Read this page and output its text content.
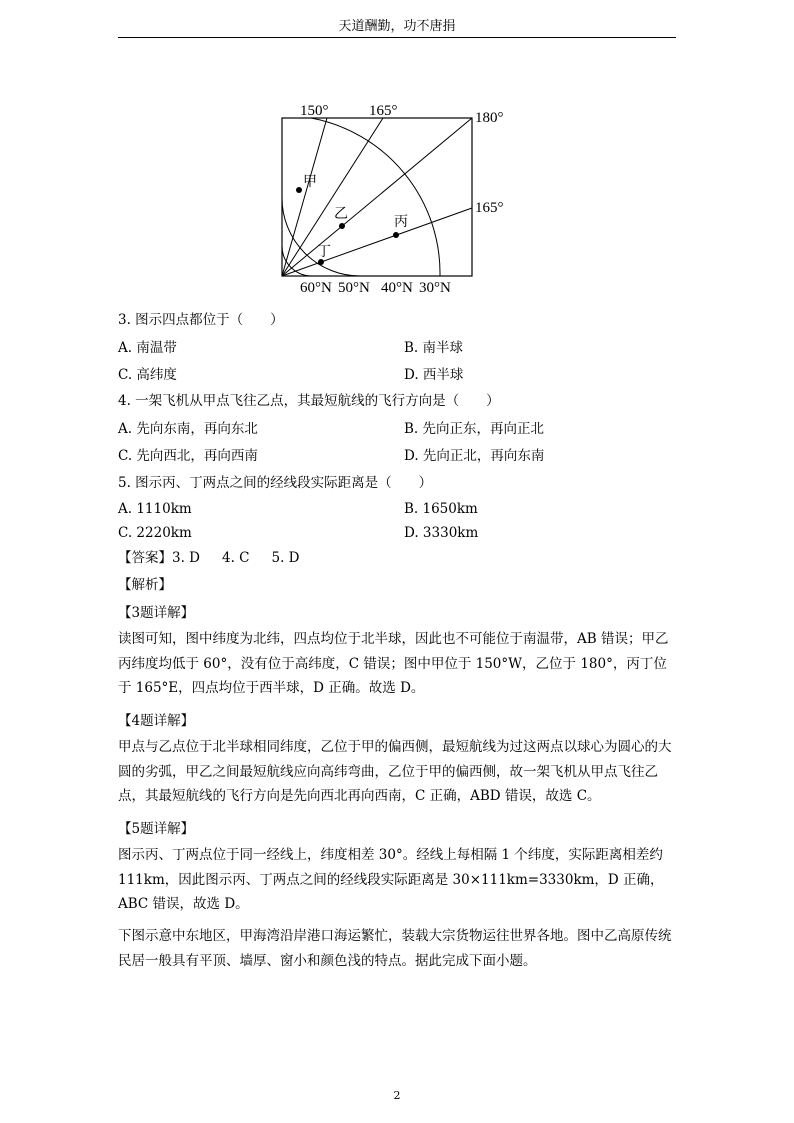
天道酬勤，功不唐捐
150°	165°	180°
165°
60°N 50°N 40°N 30°N
甲
乙	丙
丁
3. 图示四点都位于（　　）
A. 南温带	B. 南半球
C. 高纬度	D. 西半球
4. 一架飞机从甲点飞往乙点，其最短航线的飞行方向是（　　）
A. 先向东南，再向东北	B. 先向正东，再向正北
C. 先向西北，再向西南	D. 先向正北，再向东南
5. 图示丙、丁两点之间的经线段实际距离是（　　）
A. 1110km	B. 1650km
C. 2220km	D. 3330km
【答案】3. D 4. C 5. D
【解析】
【3题详解】
读图可知，图中纬度为北纬，四点均位于北半球，因此也不可能位于南温带，AB 错误；甲乙丙纬度均低于 60°，没有位于高纬度，C 错误；图中甲位于 150°W，乙位于 180°，丙丁位于 165°E，四点均位于西半球，D 正确。故选 D。
【4题详解】
甲点与乙点位于北半球相同纬度，乙位于甲的偏西侧，最短航线为过这两点以球心为圆心的大圆的劣弧，甲乙之间最短航线应向高纬弯曲，乙位于甲的偏西侧，故一架飞机从甲点飞往乙点，其最短航线的飞行方向是先向西北再向西南，C 正确，ABD 错误，故选 C。
【5题详解】
图示丙、丁两点位于同一经线上，纬度相差 30°。经线上每相隔 1 个纬度，实际距离相差约 111km，因此图示丙、丁两点之间的经线段实际距离是 30×111km=3330km，D 正确，ABC 错误，故选 D。
下图示意中东地区，甲海湾沿岸港口海运繁忙，装载大宗货物运往世界各地。图中乙高原传统民居一般具有平顶、墙厚、窗小和颜色浅的特点。据此完成下面小题。
2
